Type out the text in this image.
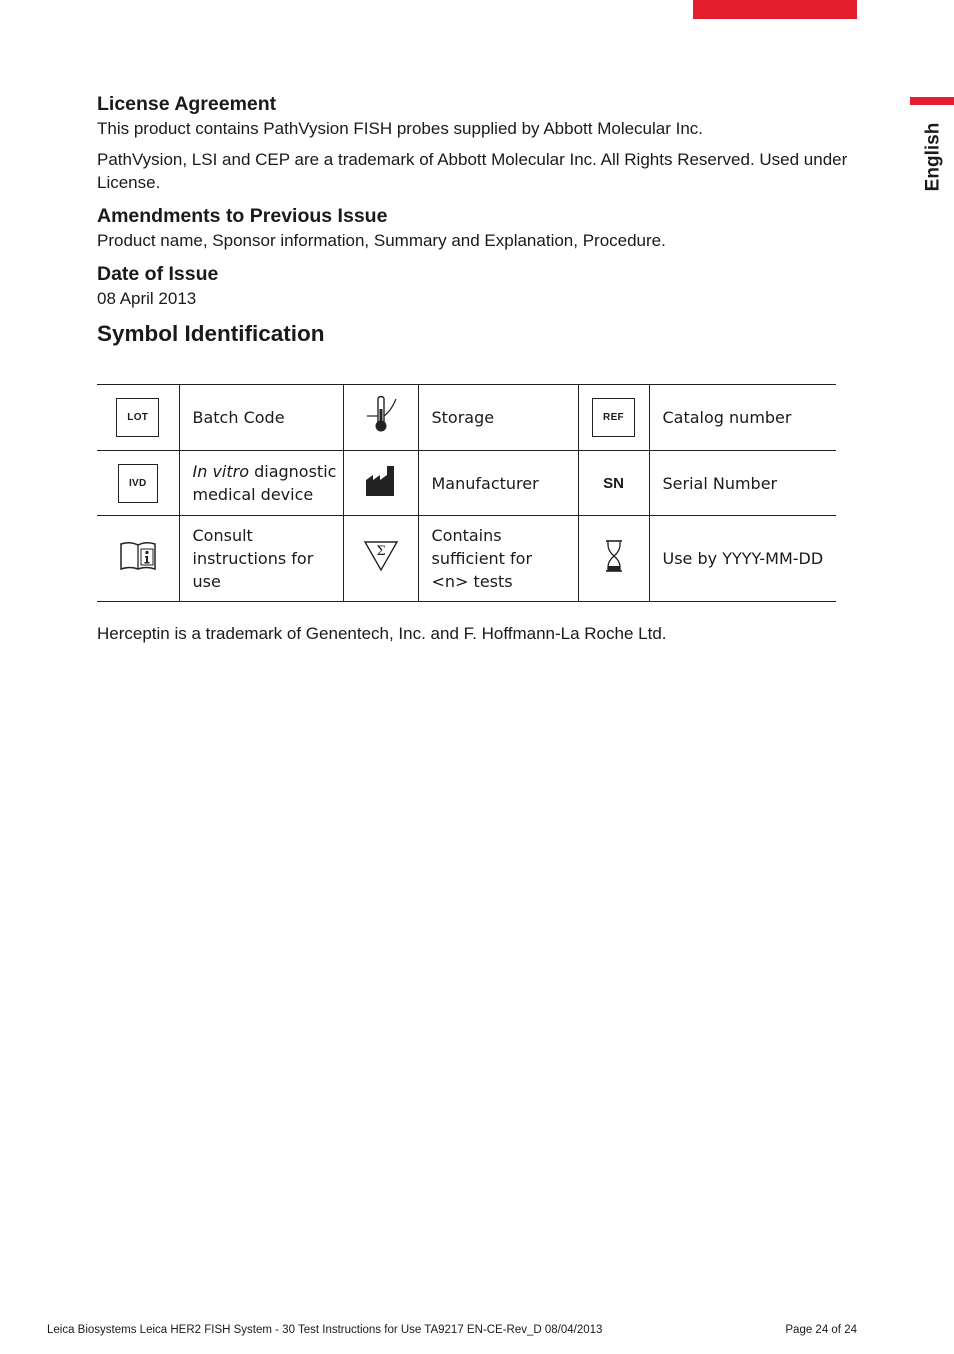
English
License Agreement

This product contains PathVysion FISH probes supplied by Abbott Molecular Inc.

PathVysion, LSI and CEP are a trademark of Abbott Molecular Inc. All Rights Reserved. Used under License.

Amendments to Previous Issue

Product name, Sponsor information, Summary and Explanation, Procedure.

Date of Issue

08 April 2013

Symbol Identification
LOT	Batch Code		Storage	REF	Catalog number
IVD	In vitro diagnostic medical device		Manufacturer	SN	Serial Number
	Consult instructions for use	Σ	Contains sufficient for <n> tests		Use by YYYY-MM-DD
Herceptin is a trademark of Genentech, Inc. and F. Hoffmann-La Roche Ltd.
Leica Biosystems Leica HER2 FISH System - 30 Test Instructions for Use TA9217 EN-CE-Rev_D 08/04/2013	Page 24 of 24
